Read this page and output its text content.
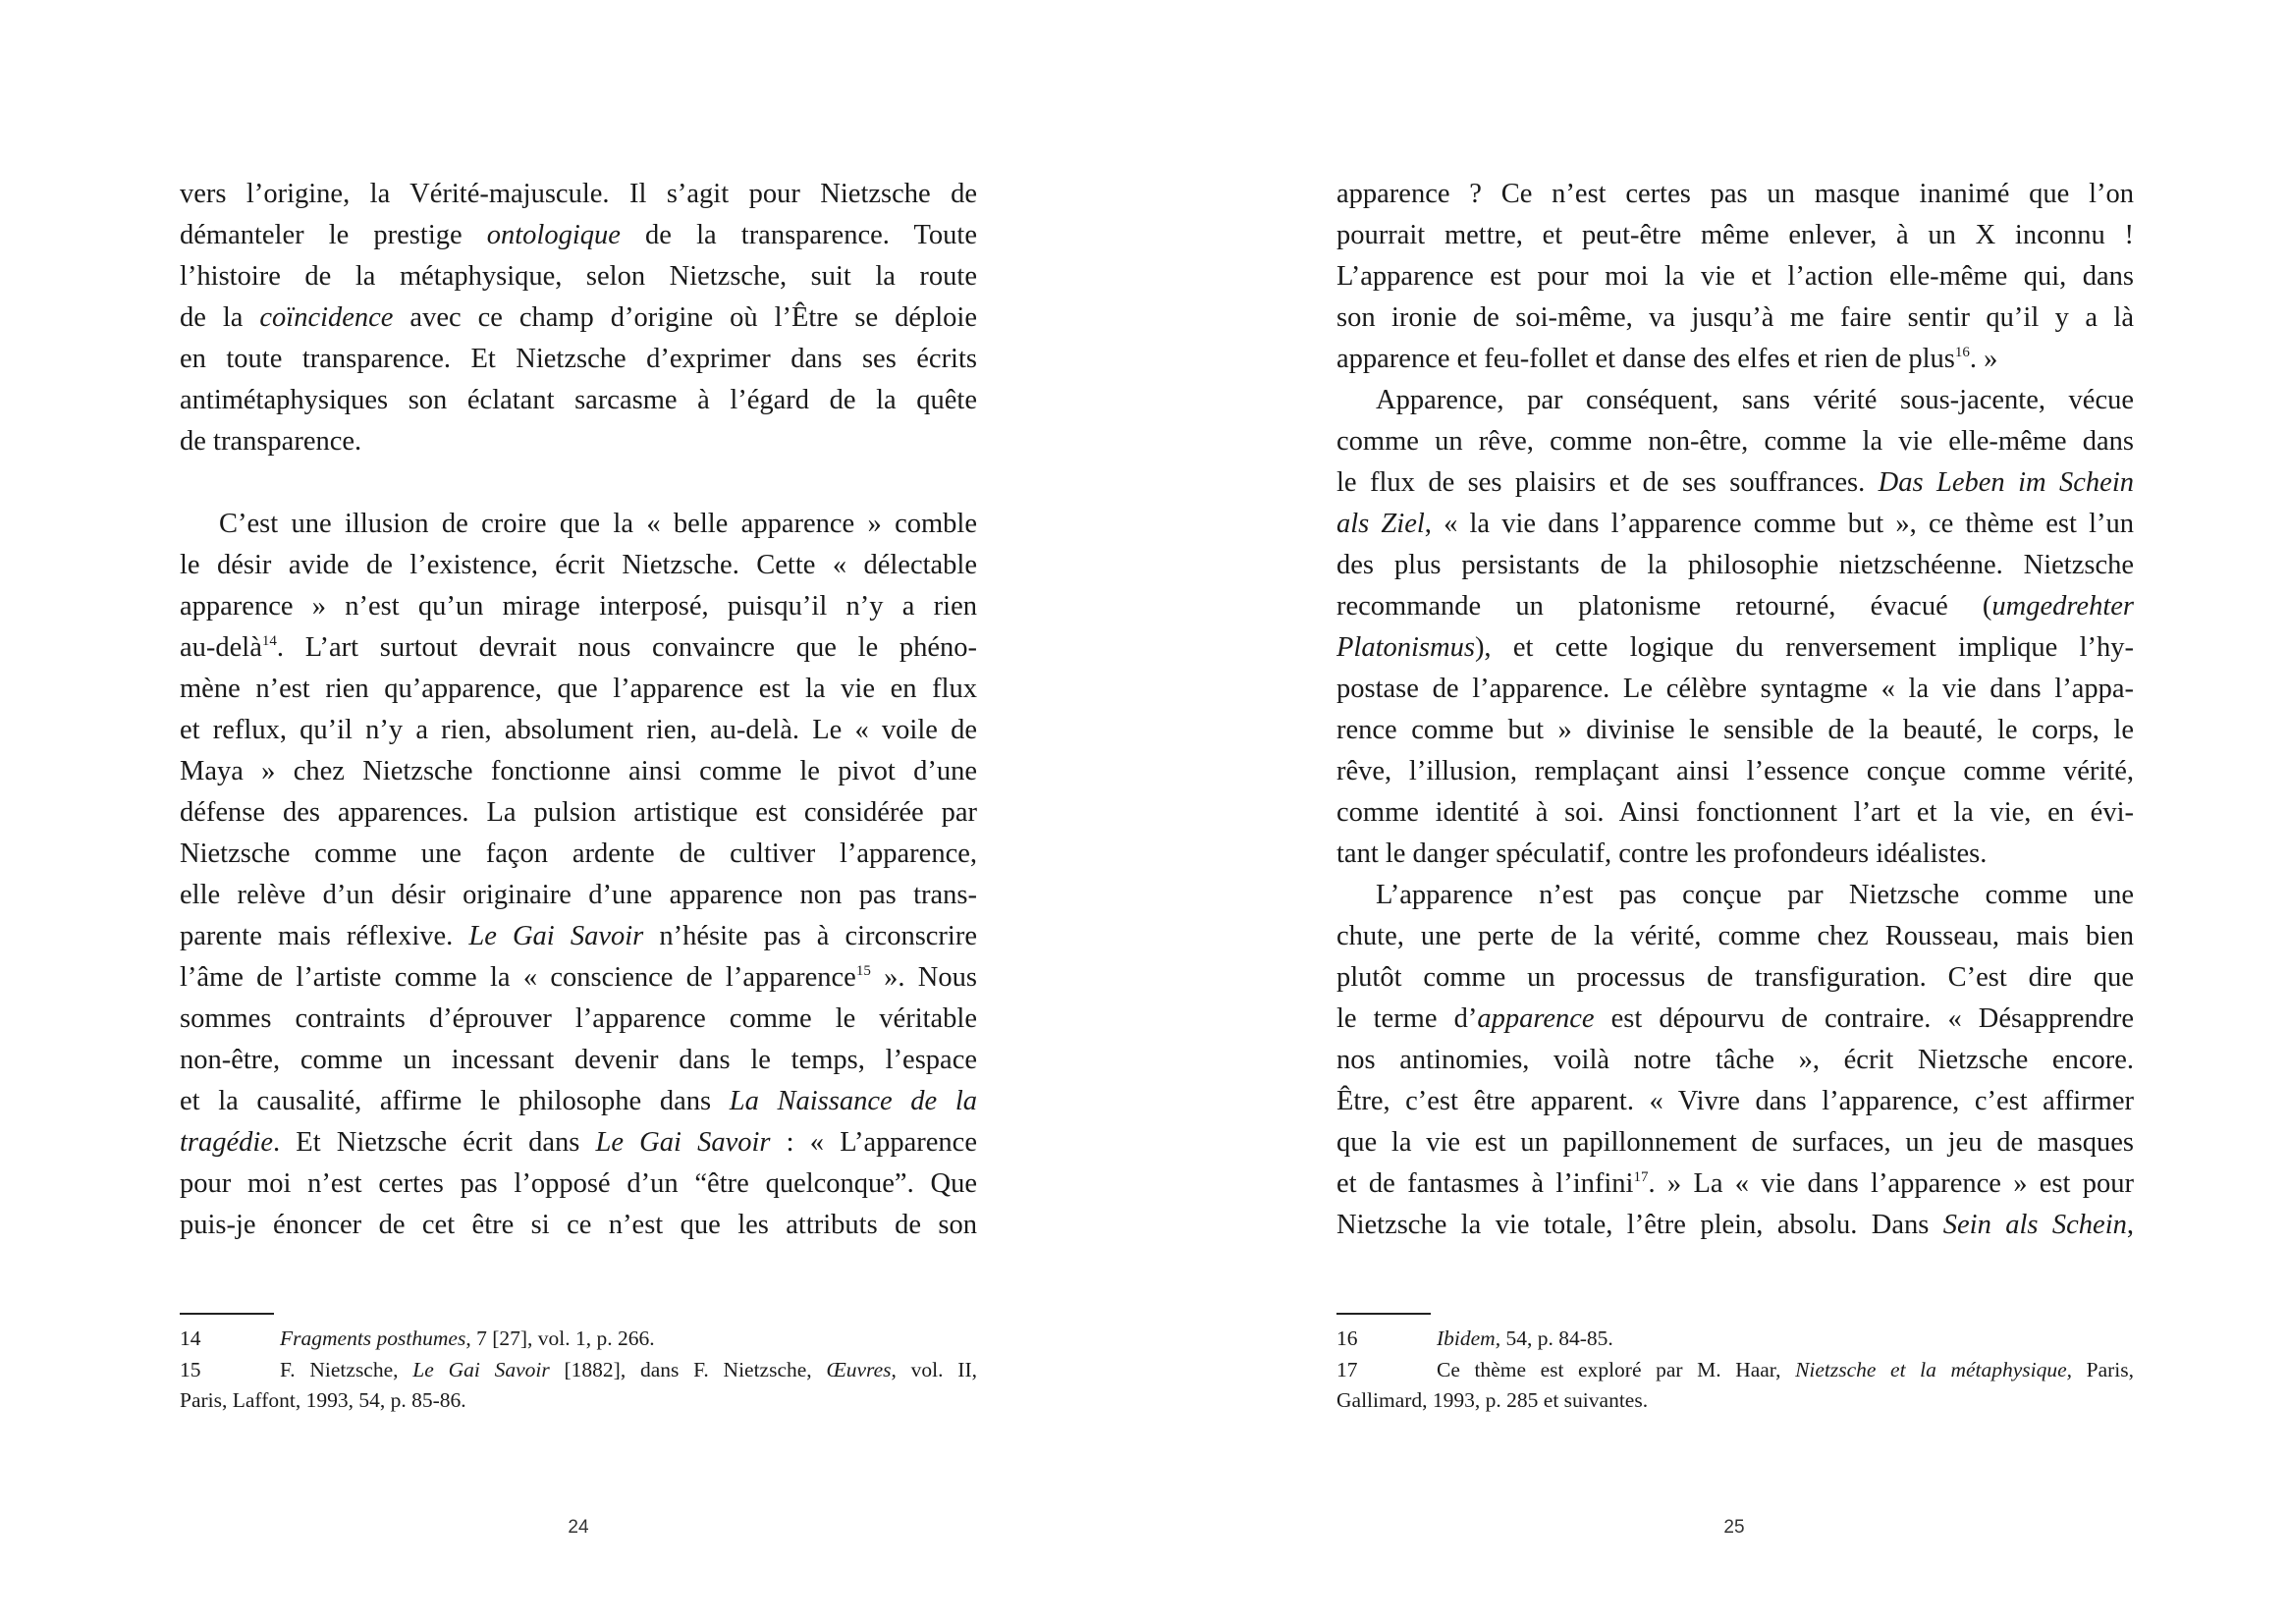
vers l’origine, la Vérité-majuscule. Il s’agit pour Nietzsche de
démanteler le prestige ontologique de la transparence. Toute
l’histoire de la métaphysique, selon Nietzsche, suit la route
de la coïncidence avec ce champ d’origine où l’Être se déploie
en toute transparence. Et Nietzsche d’exprimer dans ses écrits
antimétaphysiques son éclatant sarcasme à l’égard de la quête
de transparence.
C’est une illusion de croire que la « belle apparence » comble
le désir avide de l’existence, écrit Nietzsche. Cette « délectable
apparence » n’est qu’un mirage interposé, puisqu’il n’y a rien
au-delà$^{14}$. L’art surtout devrait nous convaincre que le phéno-
mène n’est rien qu’apparence, que l’apparence est la vie en flux
et reflux, qu’il n’y a rien, absolument rien, au-delà. Le « voile de
Maya » chez Nietzsche fonctionne ainsi comme le pivot d’une
défense des apparences. La pulsion artistique est considérée par
Nietzsche comme une façon ardente de cultiver l’apparence,
elle relève d’un désir originaire d’une apparence non pas trans-
parente mais réflexive. Le Gai Savoir n’hésite pas à circonscrire
l’âme de l’artiste comme la « conscience de l’apparence$^{15}$ ». Nous
sommes contraints d’éprouver l’apparence comme le véritable
non-être, comme un incessant devenir dans le temps, l’espace
et la causalité, affirme le philosophe dans La Naissance de la
tragédie. Et Nietzsche écrit dans Le Gai Savoir : « L’apparence
pour moi n’est certes pas l’opposé d’un “être quelconque”. Que
puis-je énoncer de cet être si ce n’est que les attributs de son
14	Fragments posthumes, 7 [27], vol. 1, p. 266.
15	F. Nietzsche, Le Gai Savoir [1882], dans F. Nietzsche, Œuvres, vol. II,
Paris, Laffont, 1993, 54, p. 85-86.
24
apparence ? Ce n’est certes pas un masque inanimé que l’on
pourrait mettre, et peut-être même enlever, à un X inconnu !
L’apparence est pour moi la vie et l’action elle-même qui, dans
son ironie de soi-même, va jusqu’à me faire sentir qu’il y a là
apparence et feu-follet et danse des elfes et rien de plus$^{16}$. »
Apparence, par conséquent, sans vérité sous-jacente, vécue
comme un rêve, comme non-être, comme la vie elle-même dans
le flux de ses plaisirs et de ses souffrances. Das Leben im Schein
als Ziel, « la vie dans l’apparence comme but », ce thème est l’un
des plus persistants de la philosophie nietzschéenne. Nietzsche
recommande un platonisme retourné, évacué (umgedrehter
Platonismus), et cette logique du renversement implique l’hy-
postase de l’apparence. Le célèbre syntagme « la vie dans l’appa-
rence comme but » divinise le sensible de la beauté, le corps, le
rêve, l’illusion, remplaçant ainsi l’essence conçue comme vérité,
comme identité à soi. Ainsi fonctionnent l’art et la vie, en évi-
tant le danger spéculatif, contre les profondeurs idéalistes.
L’apparence n’est pas conçue par Nietzsche comme une
chute, une perte de la vérité, comme chez Rousseau, mais bien
plutôt comme un processus de transfiguration. C’est dire que
le terme d’apparence est dépourvu de contraire. « Désapprendre
nos antinomies, voilà notre tâche », écrit Nietzsche encore.
Être, c’est être apparent. « Vivre dans l’apparence, c’est affirmer
que la vie est un papillonnement de surfaces, un jeu de masques
et de fantasmes à l’infini$^{17}$. » La « vie dans l’apparence » est pour
Nietzsche la vie totale, l’être plein, absolu. Dans Sein als Schein,
16	Ibidem, 54, p. 84-85.
17	Ce thème est exploré par M. Haar, Nietzsche et la métaphysique, Paris,
Gallimard, 1993, p. 285 et suivantes.
25
